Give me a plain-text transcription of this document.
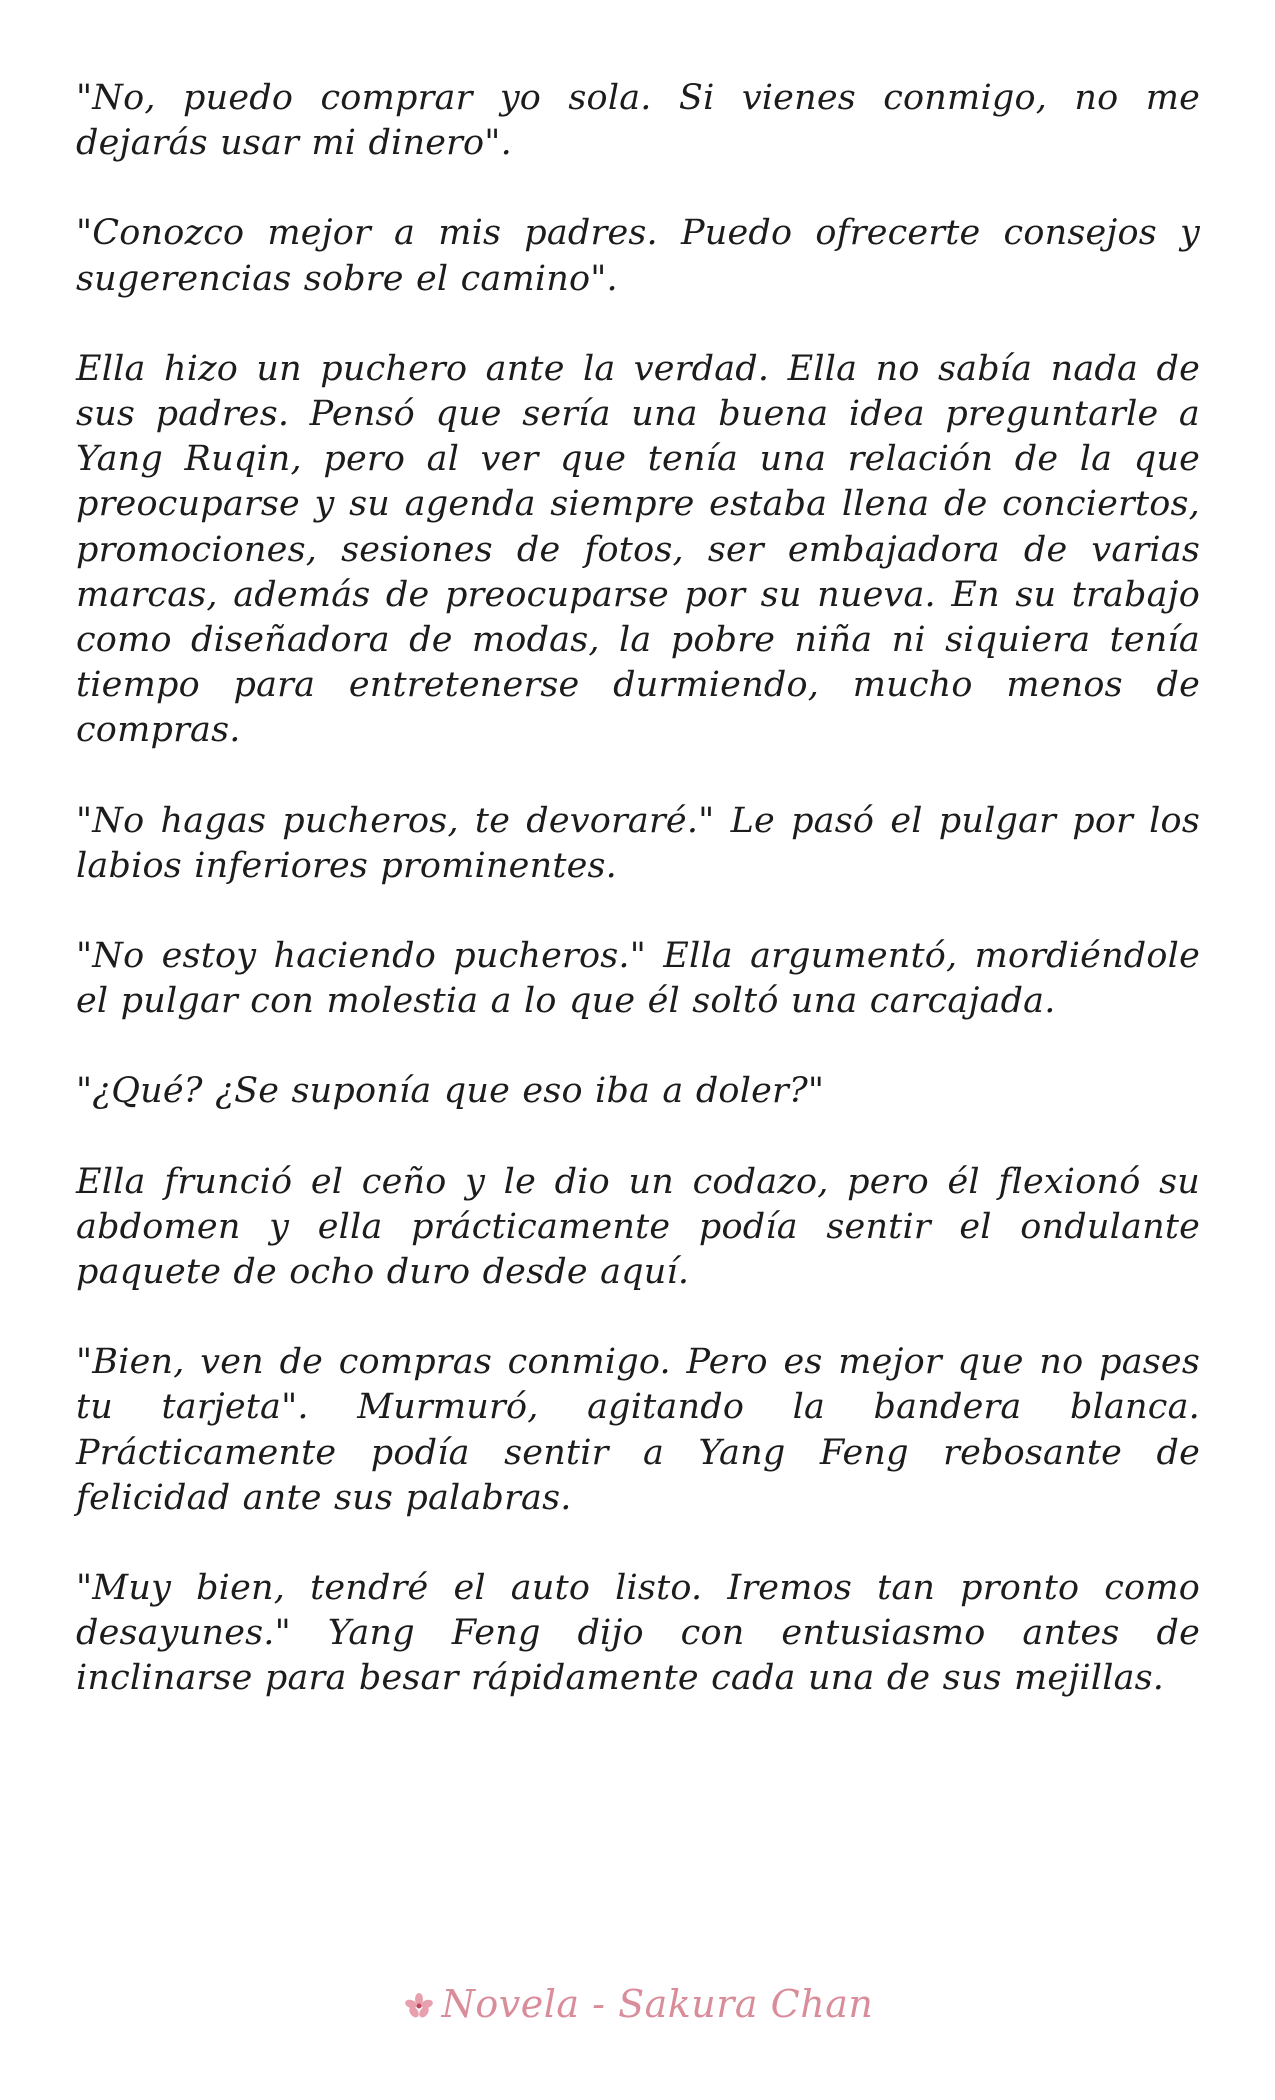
"No, puedo comprar yo sola. Si vienes conmigo, no me dejarás usar mi dinero".

"Conozco mejor a mis padres. Puedo ofrecerte consejos y sugerencias sobre el camino".

Ella hizo un puchero ante la verdad. Ella no sabía nada de sus padres. Pensó que sería una buena idea preguntarle a Yang Ruqin, pero al ver que tenía una relación de la que preocuparse y su agenda siempre estaba llena de conciertos, promociones, sesiones de fotos, ser embajadora de varias marcas, además de preocuparse por su nueva. En su trabajo como diseñadora de modas, la pobre niña ni siquiera tenía tiempo para entretenerse durmiendo, mucho menos de compras.

"No hagas pucheros, te devoraré." Le pasó el pulgar por los labios inferiores prominentes.

"No estoy haciendo pucheros." Ella argumentó, mordiéndole el pulgar con molestia a lo que él soltó una carcajada.

"¿Qué? ¿Se suponía que eso iba a doler?"

Ella frunció el ceño y le dio un codazo, pero él flexionó su abdomen y ella prácticamente podía sentir el ondulante paquete de ocho duro desde aquí.

"Bien, ven de compras conmigo. Pero es mejor que no pases tu tarjeta". Murmuró, agitando la bandera blanca. Prácticamente podía sentir a Yang Feng rebosante de felicidad ante sus palabras.

"Muy bien, tendré el auto listo. Iremos tan pronto como desayunes." Yang Feng dijo con entusiasmo antes de inclinarse para besar rápidamente cada una de sus mejillas.

Novela - Sakura Chan
